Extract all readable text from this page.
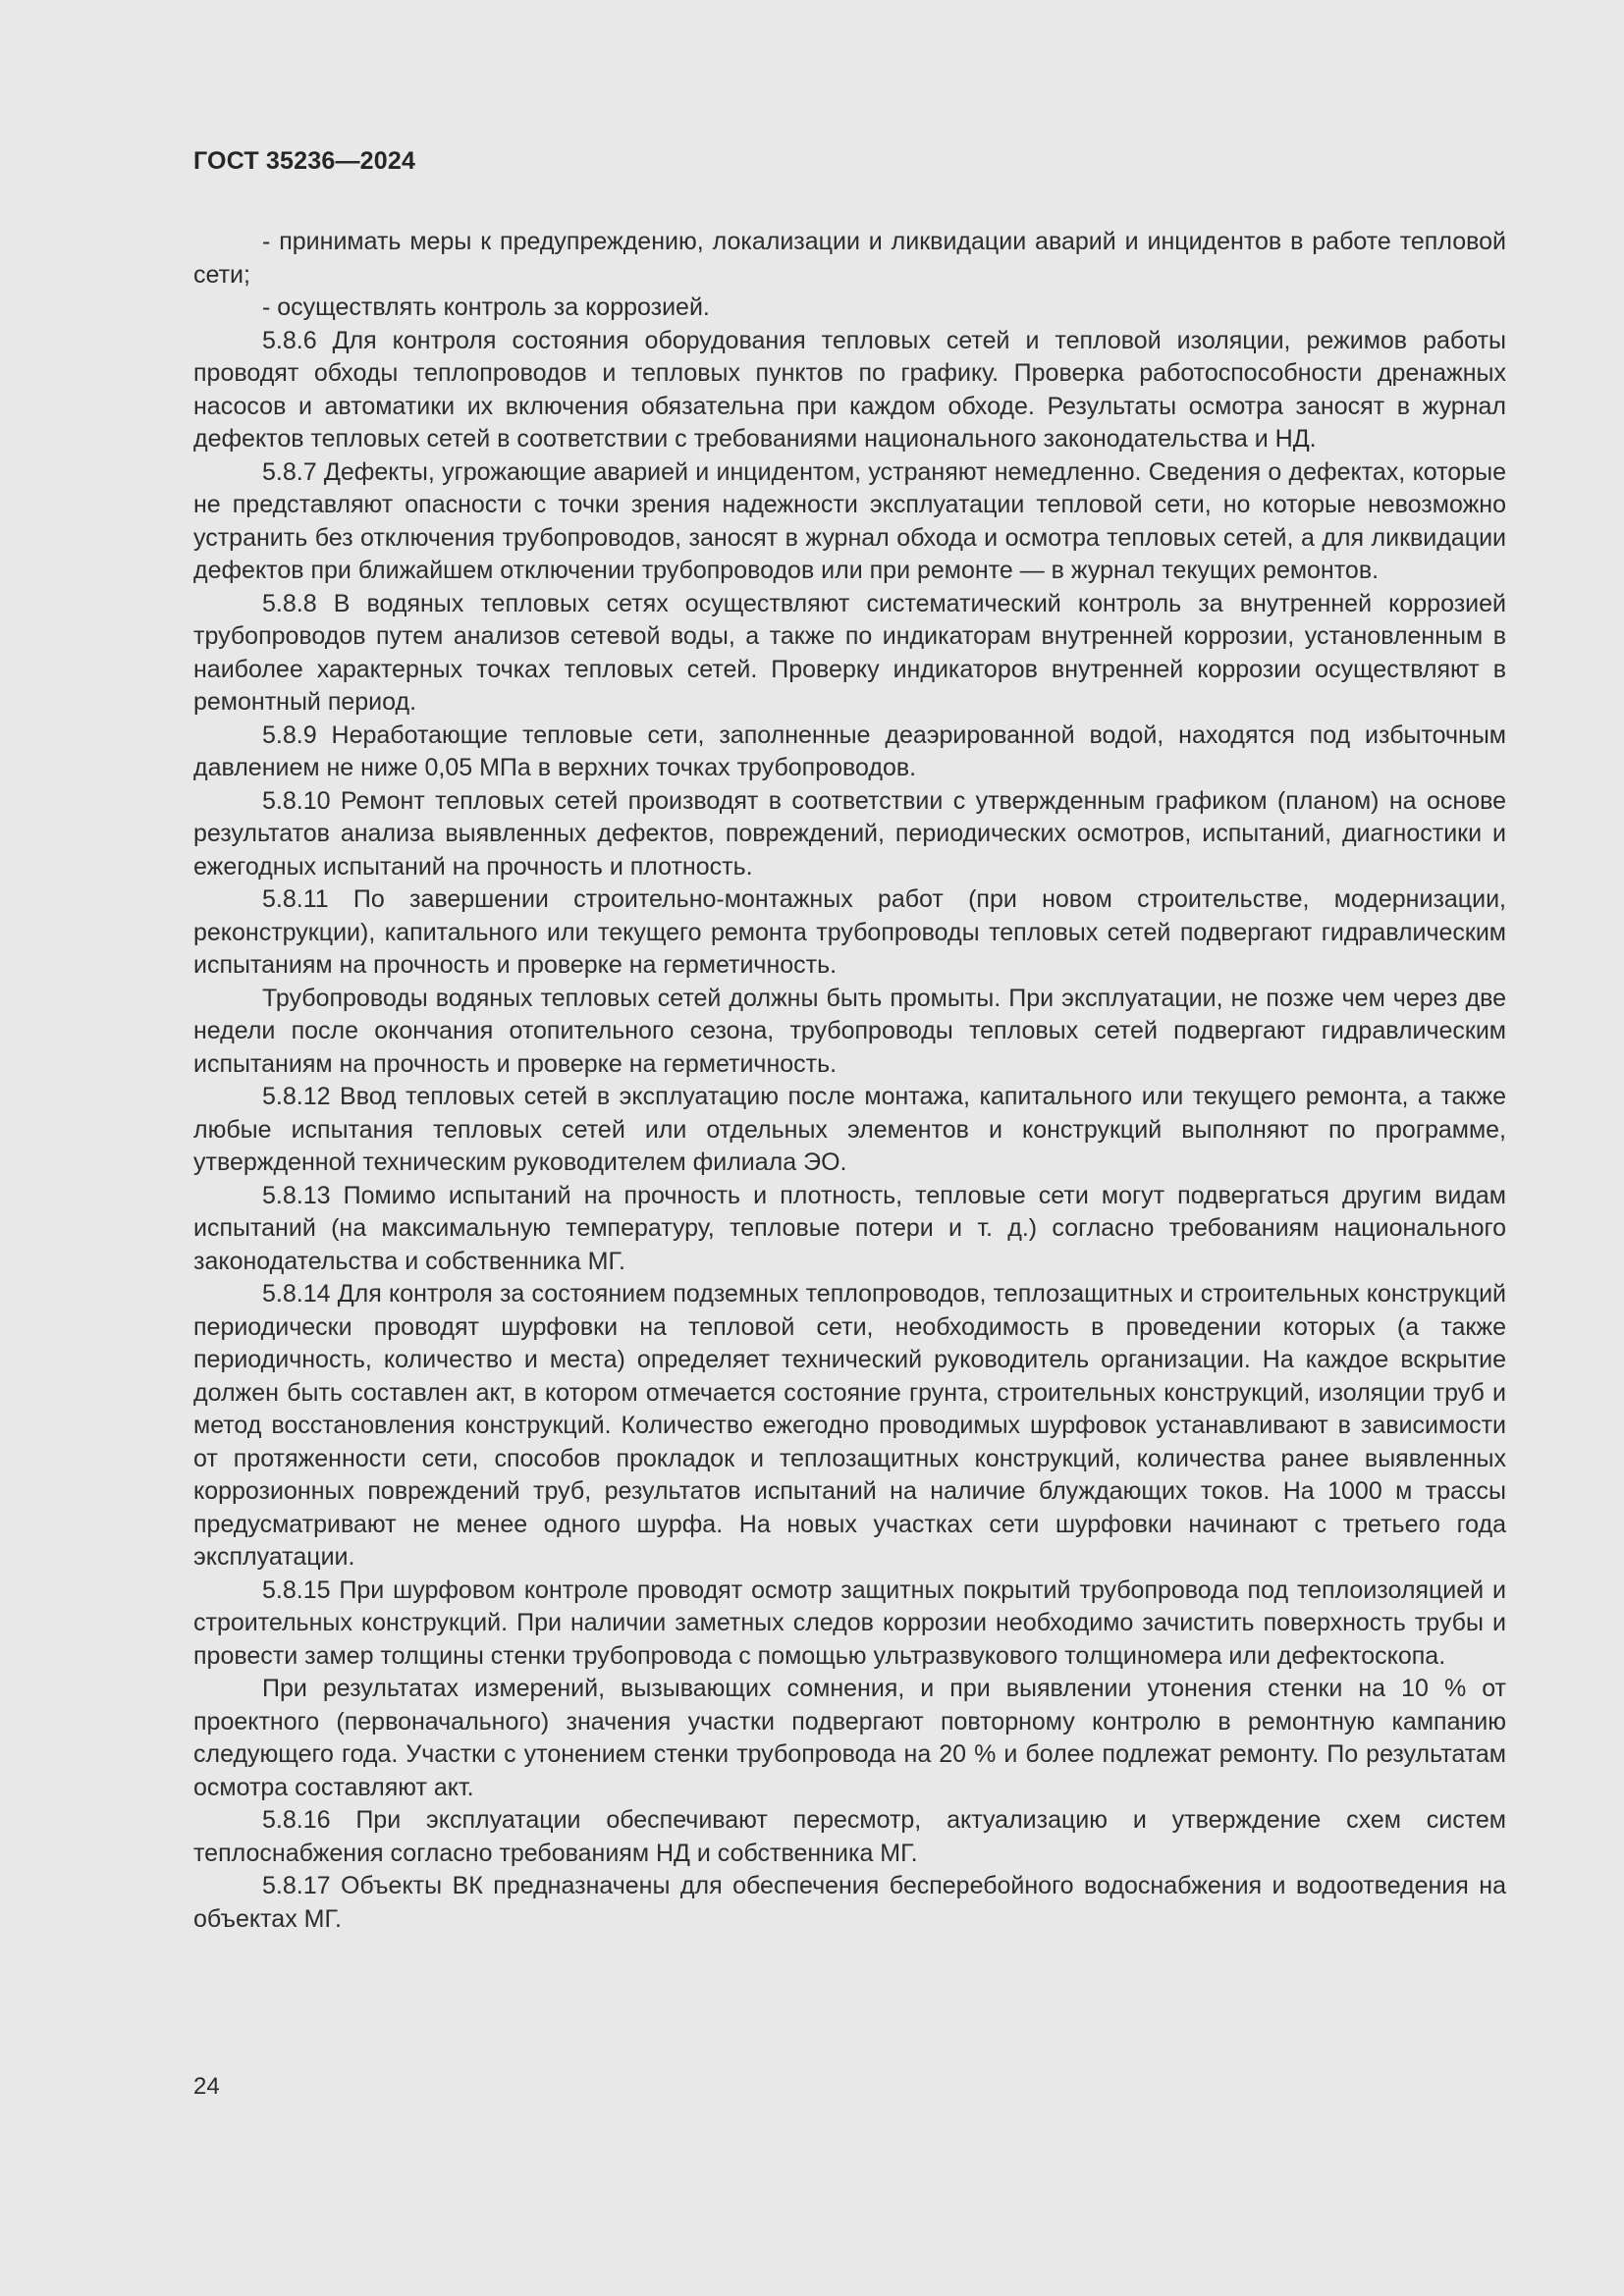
ГОСТ 35236—2024

- принимать меры к предупреждению, локализации и ликвидации аварий и инцидентов в работе тепловой сети;

- осуществлять контроль за коррозией.

5.8.6 Для контроля состояния оборудования тепловых сетей и тепловой изоляции, режимов работы проводят обходы теплопроводов и тепловых пунктов по графику. Проверка работоспособности дренажных насосов и автоматики их включения обязательна при каждом обходе. Результаты осмотра заносят в журнал дефектов тепловых сетей в соответствии с требованиями национального законодательства и НД.

5.8.7 Дефекты, угрожающие аварией и инцидентом, устраняют немедленно. Сведения о дефектах, которые не представляют опасности с точки зрения надежности эксплуатации тепловой сети, но которые невозможно устранить без отключения трубопроводов, заносят в журнал обхода и осмотра тепловых сетей, а для ликвидации дефектов при ближайшем отключении трубопроводов или при ремонте — в журнал текущих ремонтов.

5.8.8 В водяных тепловых сетях осуществляют систематический контроль за внутренней коррозией трубопроводов путем анализов сетевой воды, а также по индикаторам внутренней коррозии, установленным в наиболее характерных точках тепловых сетей. Проверку индикаторов внутренней коррозии осуществляют в ремонтный период.

5.8.9 Неработающие тепловые сети, заполненные деаэрированной водой, находятся под избыточным давлением не ниже 0,05 МПа в верхних точках трубопроводов.

5.8.10 Ремонт тепловых сетей производят в соответствии с утвержденным графиком (планом) на основе результатов анализа выявленных дефектов, повреждений, периодических осмотров, испытаний, диагностики и ежегодных испытаний на прочность и плотность.

5.8.11 По завершении строительно-монтажных работ (при новом строительстве, модернизации, реконструкции), капитального или текущего ремонта трубопроводы тепловых сетей подвергают гидравлическим испытаниям на прочность и проверке на герметичность.

Трубопроводы водяных тепловых сетей должны быть промыты. При эксплуатации, не позже чем через две недели после окончания отопительного сезона, трубопроводы тепловых сетей подвергают гидравлическим испытаниям на прочность и проверке на герметичность.

5.8.12 Ввод тепловых сетей в эксплуатацию после монтажа, капитального или текущего ремонта, а также любые испытания тепловых сетей или отдельных элементов и конструкций выполняют по программе, утвержденной техническим руководителем филиала ЭО.

5.8.13 Помимо испытаний на прочность и плотность, тепловые сети могут подвергаться другим видам испытаний (на максимальную температуру, тепловые потери и т. д.) согласно требованиям национального законодательства и собственника МГ.

5.8.14 Для контроля за состоянием подземных теплопроводов, теплозащитных и строительных конструкций периодически проводят шурфовки на тепловой сети, необходимость в проведении которых (а также периодичность, количество и места) определяет технический руководитель организации. На каждое вскрытие должен быть составлен акт, в котором отмечается состояние грунта, строительных конструкций, изоляции труб и метод восстановления конструкций. Количество ежегодно проводимых шурфовок устанавливают в зависимости от протяженности сети, способов прокладок и теплозащитных конструкций, количества ранее выявленных коррозионных повреждений труб, результатов испытаний на наличие блуждающих токов. На 1000 м трассы предусматривают не менее одного шурфа. На новых участках сети шурфовки начинают с третьего года эксплуатации.

5.8.15 При шурфовом контроле проводят осмотр защитных покрытий трубопровода под теплоизоляцией и строительных конструкций. При наличии заметных следов коррозии необходимо зачистить поверхность трубы и провести замер толщины стенки трубопровода с помощью ультразвукового толщиномера или дефектоскопа.

При результатах измерений, вызывающих сомнения, и при выявлении утонения стенки на 10 % от проектного (первоначального) значения участки подвергают повторному контролю в ремонтную кампанию следующего года. Участки с утонением стенки трубопровода на 20 % и более подлежат ремонту. По результатам осмотра составляют акт.

5.8.16 При эксплуатации обеспечивают пересмотр, актуализацию и утверждение схем систем теплоснабжения согласно требованиям НД и собственника МГ.

5.8.17 Объекты ВК предназначены для обеспечения бесперебойного водоснабжения и водоотведения на объектах МГ.

24
